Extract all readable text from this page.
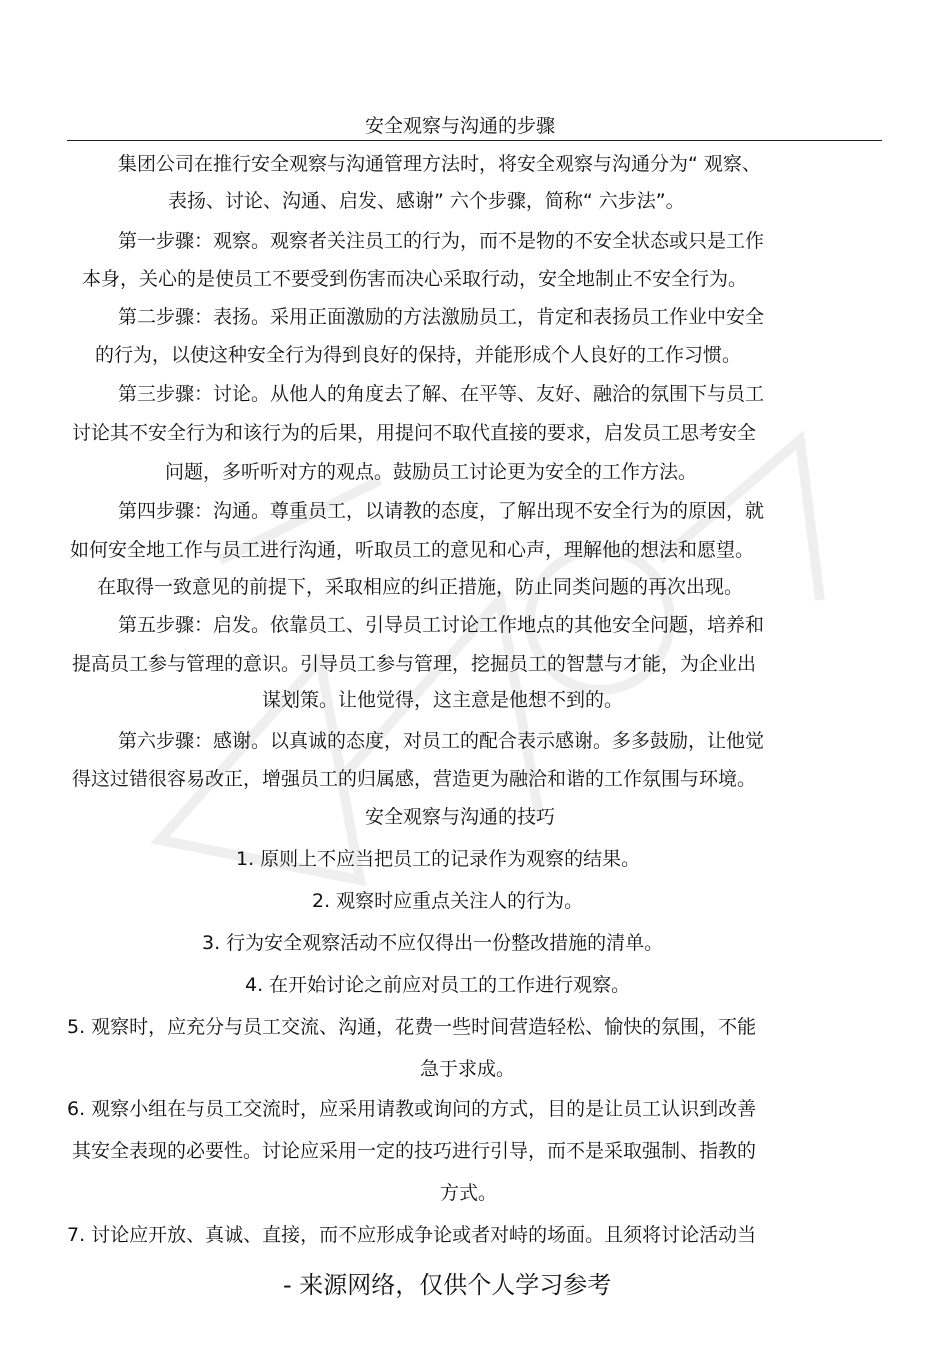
安全观察与沟通的步骤
集团公司在推行安全观察与沟通管理方法时，将安全观察与沟通分为“ 观察、
表扬、讨论、沟通、启发、感谢” 六个步骤，简称“ 六步法”。
第一步骤：观察。观察者关注员工的行为，而不是物的不安全状态或只是工作
本身，关心的是使员工不要受到伤害而决心采取行动，安全地制止不安全行为。
第二步骤：表扬。采用正面激励的方法激励员工，肯定和表扬员工作业中安全
的行为，以使这种安全行为得到良好的保持，并能形成个人良好的工作习惯。
第三步骤：讨论。从他人的角度去了解、在平等、友好、融洽的氛围下与员工
讨论其不安全行为和该行为的后果，用提问不取代直接的要求，启发员工思考安全
问题，多听听对方的观点。鼓励员工讨论更为安全的工作方法。
第四步骤：沟通。尊重员工，以请教的态度，了解出现不安全行为的原因，就
如何安全地工作与员工进行沟通，听取员工的意见和心声，理解他的想法和愿望。
在取得一致意见的前提下，采取相应的纠正措施，防止同类问题的再次出现。
第五步骤：启发。依靠员工、引导员工讨论工作地点的其他安全问题，培养和
提高员工参与管理的意识。引导员工参与管理，挖掘员工的智慧与才能，为企业出
谋划策。让他觉得，这主意是他想不到的。
第六步骤：感谢。以真诚的态度，对员工的配合表示感谢。多多鼓励，让他觉
得这过错很容易改正，增强员工的归属感，营造更为融洽和谐的工作氛围与环境。
安全观察与沟通的技巧
1. 原则上不应当把员工的记录作为观察的结果。
2. 观察时应重点关注人的行为。
3. 行为安全观察活动不应仅得出一份整改措施的清单。
4. 在开始讨论之前应对员工的工作进行观察。
5. 观察时，应充分与员工交流、沟通，花费一些时间营造轻松、愉快的氛围，不能
急于求成。
6. 观察小组在与员工交流时，应采用请教或询问的方式，目的是让员工认识到改善
其安全表现的必要性。讨论应采用一定的技巧进行引导，而不是采取强制、指教的
方式。
7. 讨论应开放、真诚、直接，而不应形成争论或者对峙的场面。且须将讨论活动当
- 来源网络，仅供个人学习参考
